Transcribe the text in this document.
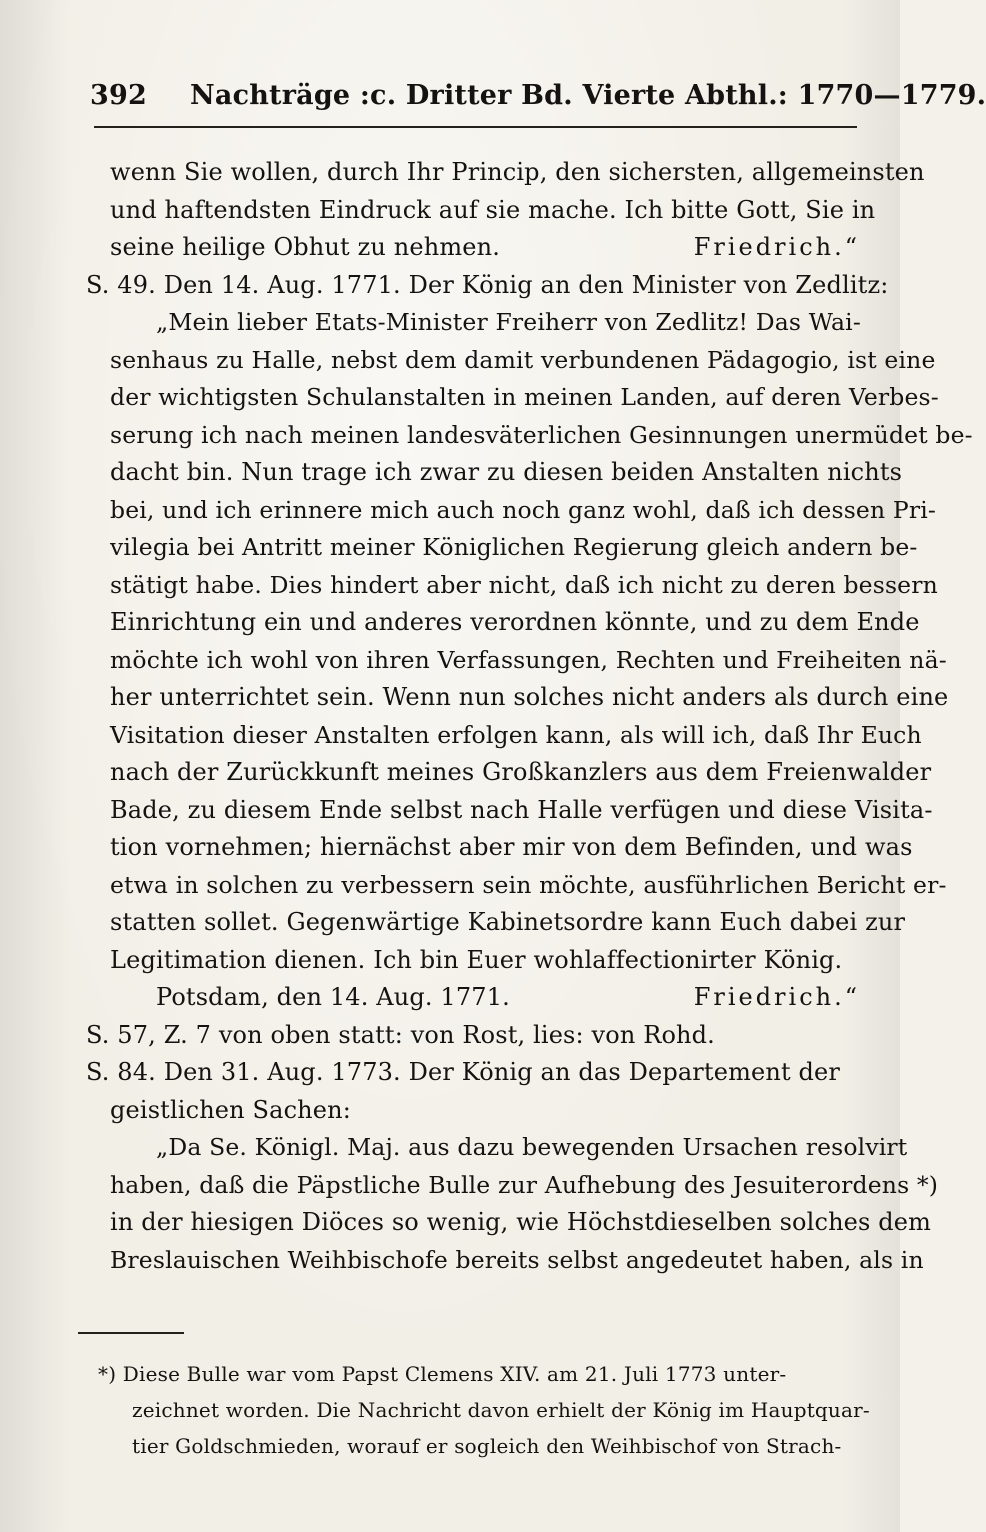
392 Nachträge :c. Dritter Bd. Vierte Abthl.: 1770—1779.
wenn Sie wollen, durch Ihr Princip, den sichersten, allgemeinsten
und haftendsten Eindruck auf sie mache. Ich bitte Gott, Sie in
seine heilige Obhut zu nehmen.	Friedrich.“
S. 49. Den 14. Aug. 1771. Der König an den Minister von Zedlitz:
„Mein lieber Etats-Minister Freiherr von Zedlitz! Das Wai-
senhaus zu Halle, nebst dem damit verbundenen Pädagogio, ist eine
der wichtigsten Schulanstalten in meinen Landen, auf deren Verbes-
serung ich nach meinen landesväterlichen Gesinnungen unermüdet be-
dacht bin. Nun trage ich zwar zu diesen beiden Anstalten nichts
bei, und ich erinnere mich auch noch ganz wohl, daß ich dessen Pri-
vilegia bei Antritt meiner Königlichen Regierung gleich andern be-
stätigt habe. Dies hindert aber nicht, daß ich nicht zu deren bessern
Einrichtung ein und anderes verordnen könnte, und zu dem Ende
möchte ich wohl von ihren Verfassungen, Rechten und Freiheiten nä-
her unterrichtet sein. Wenn nun solches nicht anders als durch eine
Visitation dieser Anstalten erfolgen kann, als will ich, daß Ihr Euch
nach der Zurückkunft meines Großkanzlers aus dem Freienwalder
Bade, zu diesem Ende selbst nach Halle verfügen und diese Visita-
tion vornehmen; hiernächst aber mir von dem Befinden, und was
etwa in solchen zu verbessern sein möchte, ausführlichen Bericht er-
statten sollet. Gegenwärtige Kabinetsordre kann Euch dabei zur
Legitimation dienen. Ich bin Euer wohlaffectionirter König.
Potsdam, den 14. Aug. 1771.	Friedrich.“
S. 57, Z. 7 von oben statt: von Rost, lies: von Rohd.
S. 84. Den 31. Aug. 1773. Der König an das Departement der
geistlichen Sachen:
„Da Se. Königl. Maj. aus dazu bewegenden Ursachen resolvirt
haben, daß die Päpstliche Bulle zur Aufhebung des Jesuiterordens *)
in der hiesigen Diöces so wenig, wie Höchstdieselben solches dem
Breslauischen Weihbischofe bereits selbst angedeutet haben, als in
*) Diese Bulle war vom Papst Clemens XIV. am 21. Juli 1773 unter-
zeichnet worden. Die Nachricht davon erhielt der König im Hauptquar-
tier Goldschmieden, worauf er sogleich den Weihbischof von Strach-
